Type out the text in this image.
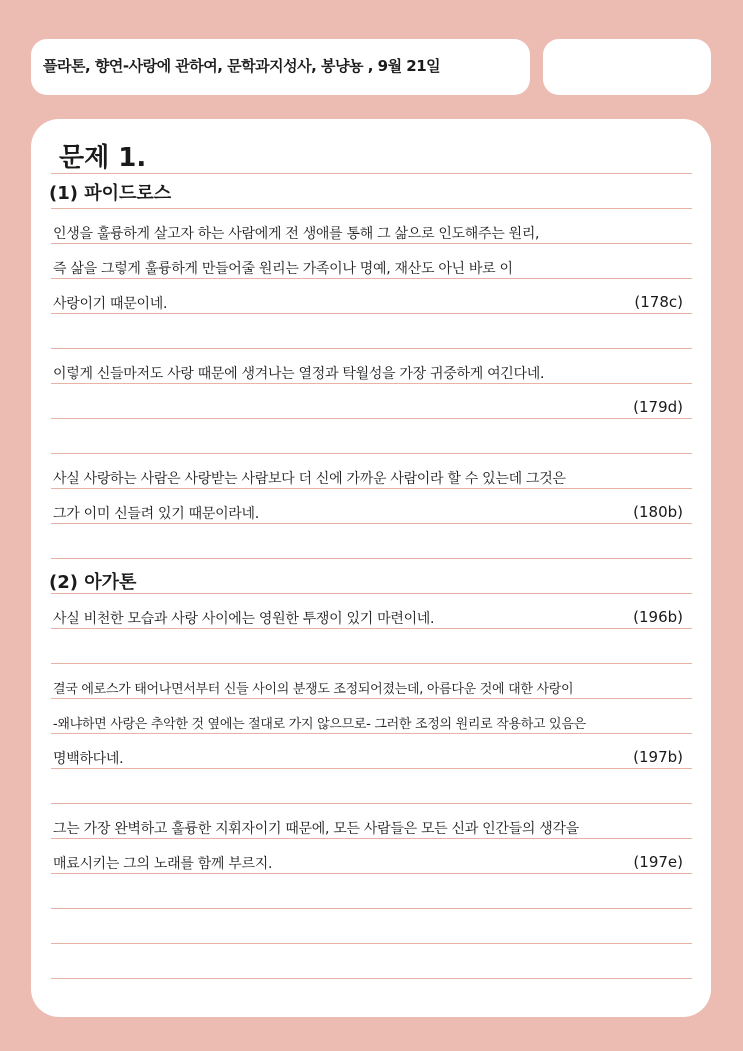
플라톤, 향연-사랑에 관하여, 문학과지성사, 봉냥뇽 , 9월 21일
문제 1.
(1) 파이드로스
인생을 훌륭하게 살고자 하는 사람에게 전 생애를 통해 그 삶으로 인도해주는 원리,
즉 삶을 그렇게 훌륭하게 만들어줄 원리는 가족이나 명예, 재산도 아닌 바로 이
사랑이기 때문이네.	(178c)
이렇게 신들마저도 사랑 때문에 생겨나는 열정과 탁월성을 가장 귀중하게 여긴다네.
(179d)
사실 사랑하는 사람은 사랑받는 사람보다 더 신에 가까운 사람이라 할 수 있는데 그것은
그가 이미 신들려 있기 때문이라네.	(180b)
(2) 아가톤
사실 비천한 모습과 사랑 사이에는 영원한 투쟁이 있기 마련이네.	(196b)
결국 에로스가 태어나면서부터 신들 사이의 분쟁도 조정되어졌는데, 아름다운 것에 대한 사랑이
-왜냐하면 사랑은 추악한 것 옆에는 절대로 가지 않으므로- 그러한 조정의 원리로 작용하고 있음은
명백하다네.	(197b)
그는 가장 완벽하고 훌륭한 지휘자이기 때문에, 모든 사람들은 모든 신과 인간들의 생각을
매료시키는 그의 노래를 함께 부르지.	(197e)
